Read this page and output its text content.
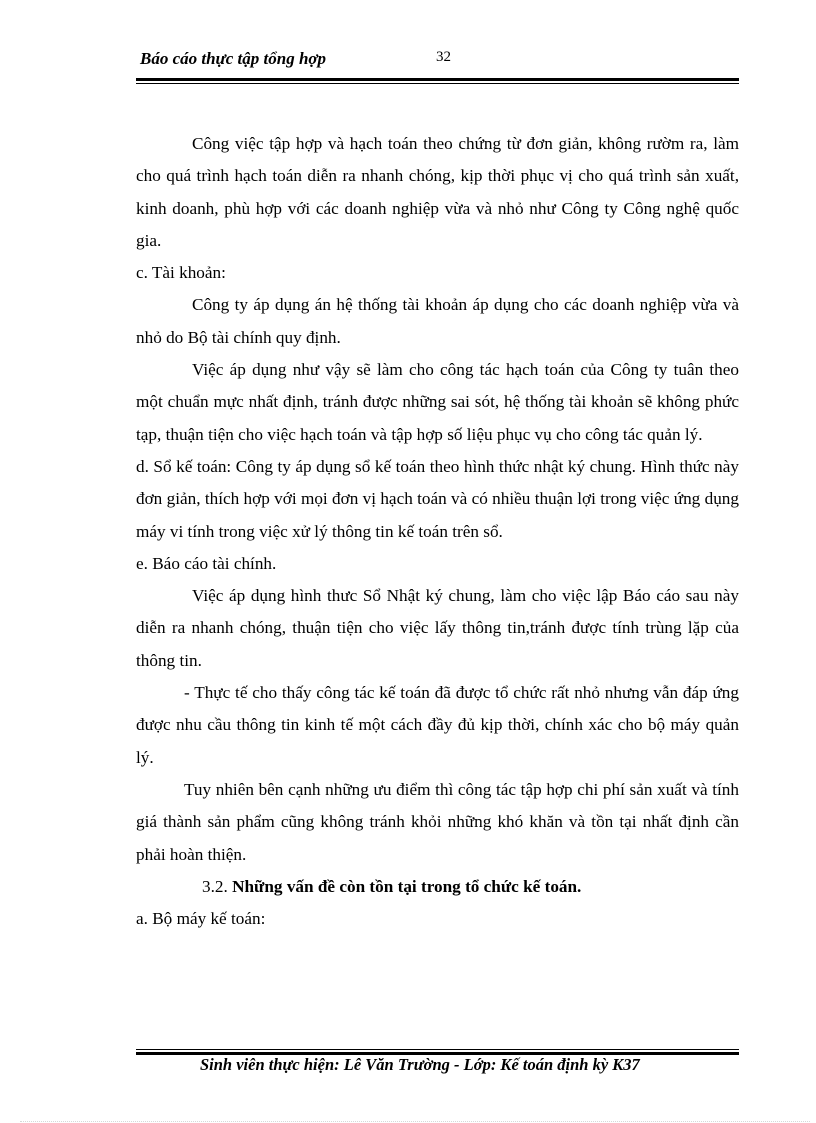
Báo cáo thực tập tổng hợp	32

Công việc tập hợp và hạch toán theo chứng từ đơn giản, không rườm ra, làm cho quá trình hạch toán diễn ra nhanh chóng, kịp thời phục vị cho quá trình sản xuất, kinh doanh, phù hợp với các doanh nghiệp vừa và nhỏ như Công ty Công nghệ quốc gia.

c. Tài khoản:

Công ty áp dụng án hệ thống tài khoản áp dụng cho các doanh nghiệp vừa và nhỏ do Bộ tài chính quy định.

Việc áp dụng như vậy sẽ làm cho công tác hạch toán của Công ty tuân theo một chuẩn mực nhất định, tránh được những sai sót, hệ thống tài khoản sẽ không phức tạp, thuận tiện cho việc hạch toán và tập hợp số liệu phục vụ cho công tác quản lý.

d. Sổ kế toán: Công ty áp dụng sổ kế toán theo hình thức nhật ký chung. Hình thức này đơn giản, thích hợp với mọi đơn vị hạch toán và có nhiều thuận lợi trong việc ứng dụng máy vi tính trong việc xử lý thông tin kế toán trên sổ.

e. Báo cáo tài chính.

Việc áp dụng hình thưc Sổ Nhật ký chung, làm cho việc lập Báo cáo sau này diễn ra nhanh chóng, thuận tiện cho việc lấy thông tin,tránh được tính trùng lặp của thông tin.

- Thực tế cho thấy công tác kế toán đã được tổ chức rất nhỏ nhưng vẫn đáp ứng được nhu cầu thông tin kinh tế một cách đầy đủ kịp thời, chính xác cho bộ máy quản lý.

Tuy nhiên bên cạnh những ưu điểm thì công tác tập hợp chi phí sản xuất và tính giá thành sản phẩm cũng không tránh khỏi những khó khăn và tồn tại nhất định cần phải hoàn thiện.

3.2. Những vấn đề còn tồn tại trong tổ chức kế toán.

a. Bộ máy kế toán:

Sinh viên thực hiện: Lê Văn Trường - Lớp: Kế toán định kỳ K37
